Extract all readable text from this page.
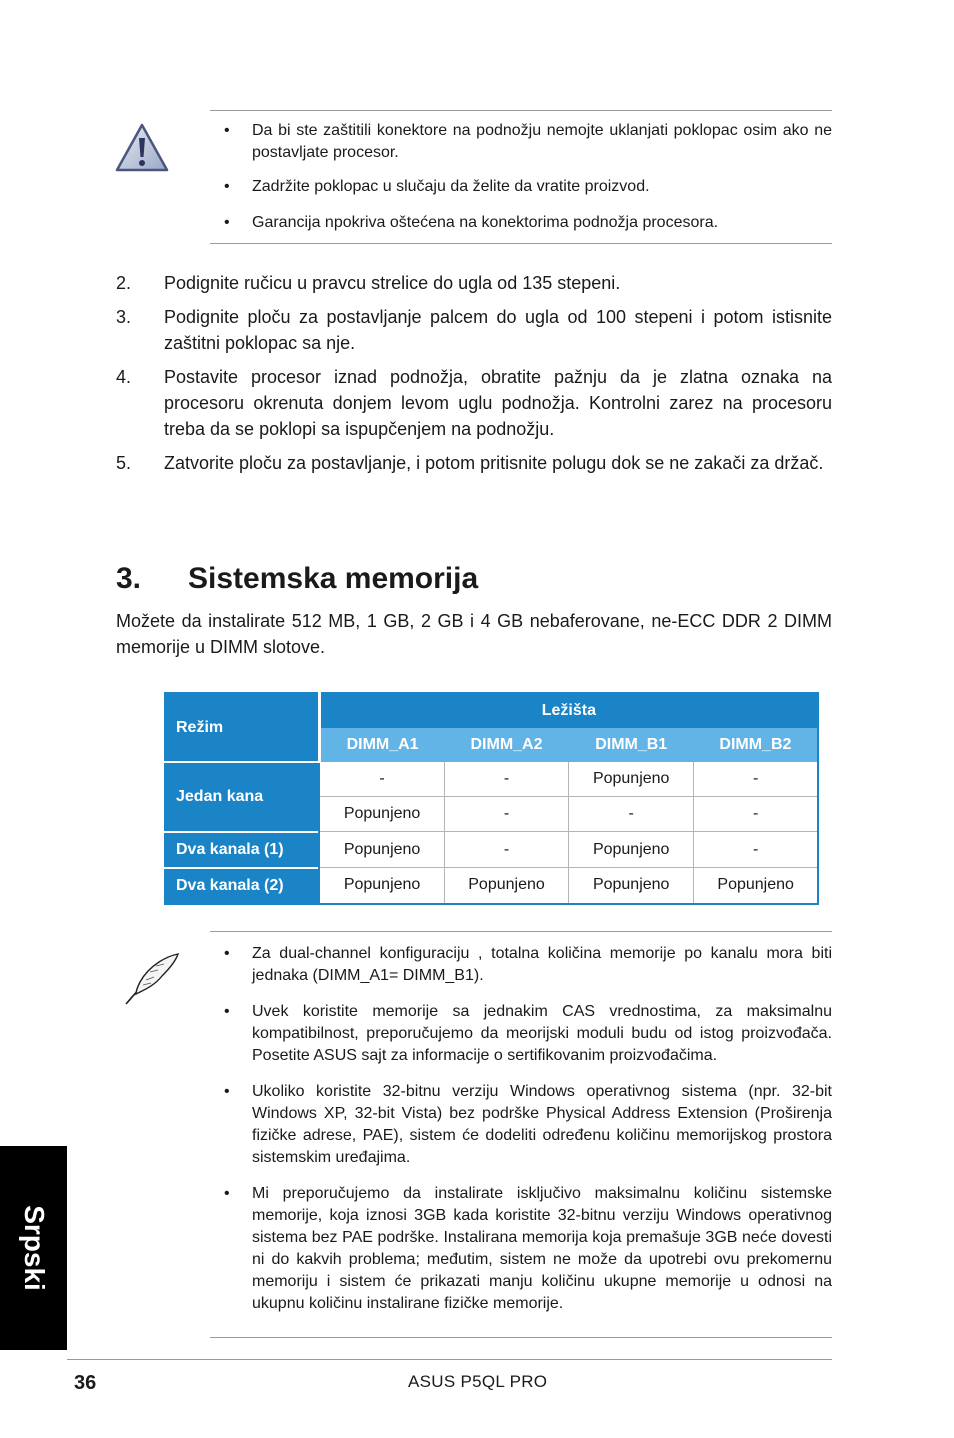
• Da bi ste zaštitili konektore na podnožju nemojte uklanjati poklopac osim ako ne postavljate procesor.
• Zadržite poklopac u slučaju da želite da vratite proizvod.
• Garancija npokriva oštećena na konektorima podnožja procesora.
2. Podignite ručicu u pravcu strelice do ugla od 135 stepeni.
3. Podignite ploču za postavljanje palcem do ugla od 100 stepeni i potom istisnite zaštitni poklopac sa nje.
4. Postavite procesor iznad podnožja, obratite pažnju da je zlatna oznaka na procesoru okrenuta donjem levom uglu podnožja. Kontrolni zarez na procesoru treba da se poklopi sa ispupčenjem na podnožju.
5. Zatvorite ploču za postavljanje, i potom pritisnite polugu dok se ne zakači za držač.
3. Sistemska memorija
Možete da instalirate 512 MB, 1 GB, 2 GB i 4 GB nebaferovane, ne-ECC DDR 2 DIMM memorije u DIMM slotove.
Režim	Ležišta			
	DIMM_A1	DIMM_A2	DIMM_B1	DIMM_B2
Jedan kana	-	-	Popunjeno	-
	Popunjeno	-	-	-
Dva kanala (1)	Popunjeno	-	Popunjeno	-
Dva kanala (2)	Popunjeno	Popunjeno	Popunjeno	Popunjeno
• Za dual-channel konfiguraciju , totalna količina memorije po kanalu mora biti jednaka (DIMM_A1= DIMM_B1).
• Uvek koristite memorije sa jednakim CAS vrednostima, za maksimalnu kompatibilnost, preporučujemo da meorijski moduli budu od istog proizvođača. Posetite ASUS sajt za informacije o sertifikovanim proizvođačima.
• Ukoliko koristite 32-bitnu verziju Windows operativnog sistema (npr. 32-bit Windows XP, 32-bit Vista) bez podrške Physical Address Extension (Proširenja fizičke adrese, PAE), sistem će dodeliti određenu količinu memorijskog prostora sistemskim uređajima.
• Mi preporučujemo da instalirate isključivo maksimalnu količinu sistemske memorije, koja iznosi 3GB kada koristite 32-bitnu verziju Windows operativnog sistema bez PAE podrške. Instalirana memorija koja premašuje 3GB neće dovesti ni do kakvih problema; međutim, sistem ne može da upotrebi ovu prekomernu memoriju i sistem će prikazati manju količinu ukupne memorije u odnosi na ukupnu količinu instalirane fizičke memorije.
Srpski
36	ASUS P5QL PRO
